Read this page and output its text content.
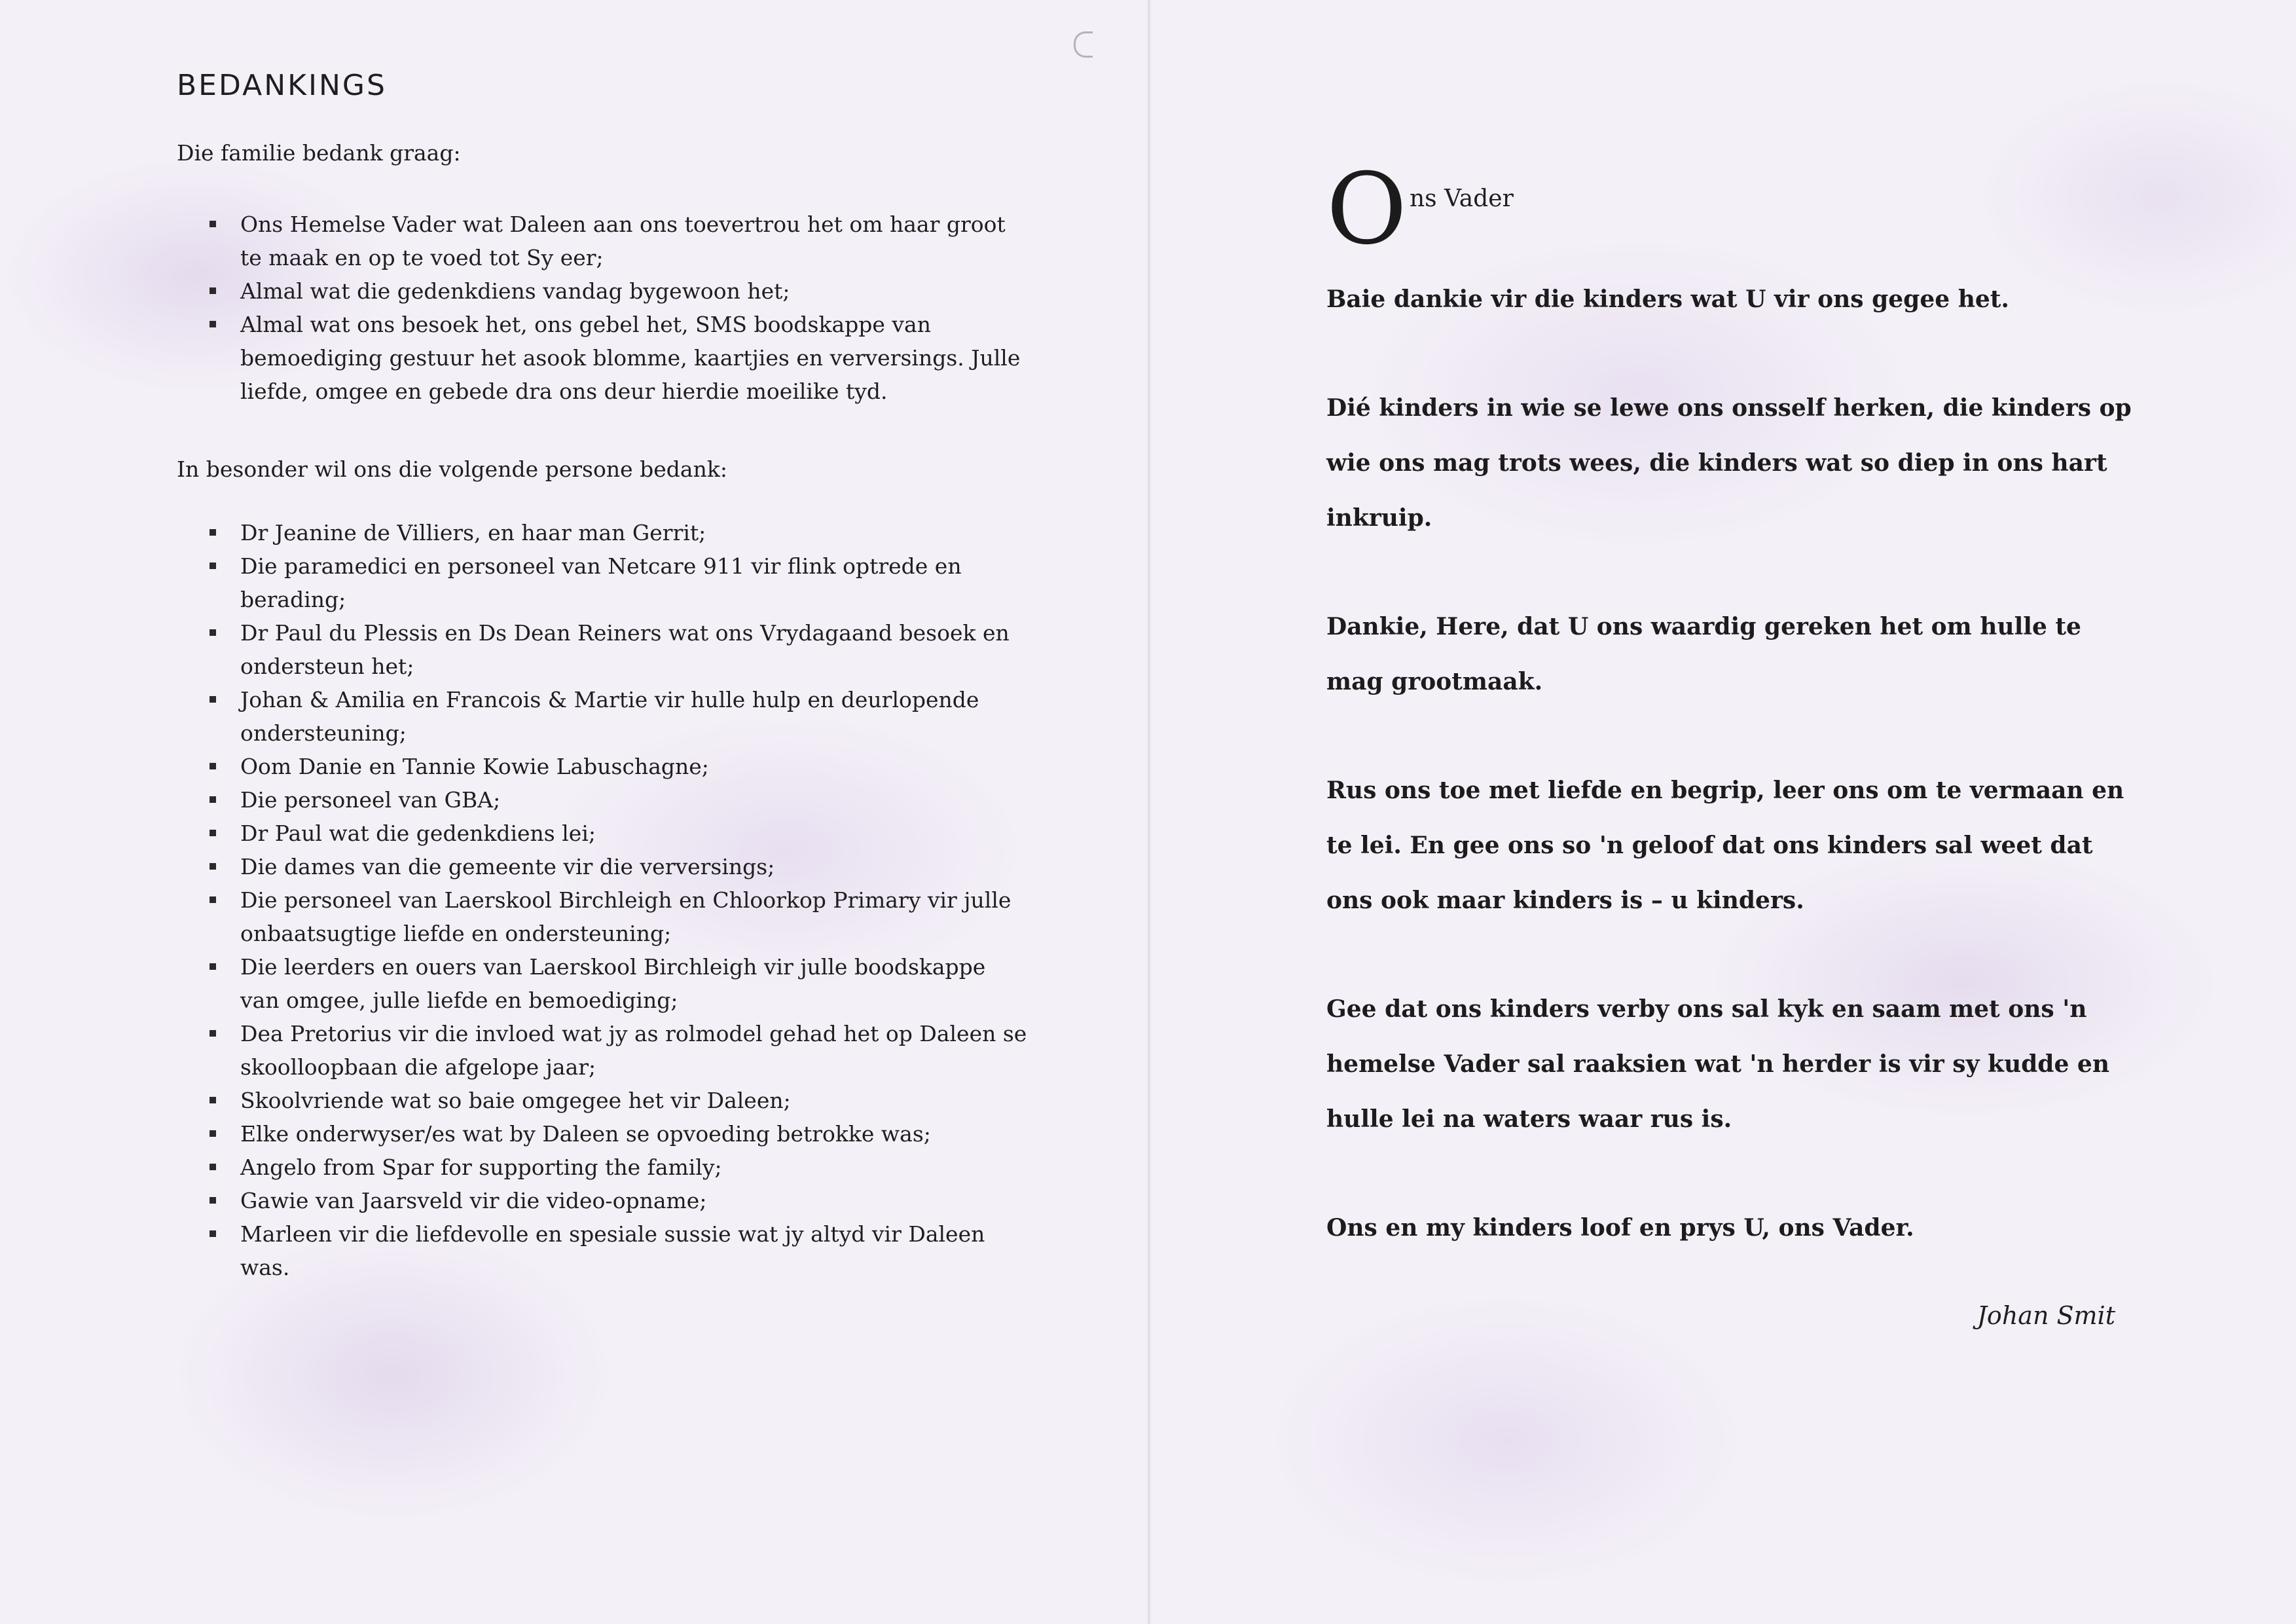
BEDANKINGS

Die familie bedank graag:

Ons Hemelse Vader wat Daleen aan ons toevertrou het om haar groot te maak en op te voed tot Sy eer;
Almal wat die gedenkdiens vandag bygewoon het;
Almal wat ons besoek het, ons gebel het, SMS boodskappe van bemoediging gestuur het asook blomme, kaartjies en verversings. Julle liefde, omgee en gebede dra ons deur hierdie moeilike tyd.

In besonder wil ons die volgende persone bedank:

Dr Jeanine de Villiers, en haar man Gerrit;
Die paramedici en personeel van Netcare 911 vir flink optrede en berading;
Dr Paul du Plessis en Ds Dean Reiners wat ons Vrydagaand besoek en ondersteun het;
Johan & Amilia en Francois & Martie vir hulle hulp en deurlopende ondersteuning;
Oom Danie en Tannie Kowie Labuschagne;
Die personeel van GBA;
Dr Paul wat die gedenkdiens lei;
Die dames van die gemeente vir die verversings;
Die personeel van Laerskool Birchleigh en Chloorkop Primary vir julle onbaatsugtige liefde en ondersteuning;
Die leerders en ouers van Laerskool Birchleigh vir julle boodskappe van omgee, julle liefde en bemoediging;
Dea Pretorius vir die invloed wat jy as rolmodel gehad het op Daleen se skoolloopbaan die afgelope jaar;
Skoolvriende wat so baie omgegee het vir Daleen;
Elke onderwyser/es wat by Daleen se opvoeding betrokke was;
Angelo from Spar for supporting the family;
Gawie van Jaarsveld vir die video-opname;
Marleen vir die liefdevolle en spesiale sussie wat jy altyd vir Daleen was.
O ns Vader

Baie dankie vir die kinders wat U vir ons gegee het.

Dié kinders in wie se lewe ons onsself herken, die kinders op wie ons mag trots wees, die kinders wat so diep in ons hart inkruip.

Dankie, Here, dat U ons waardig gereken het om hulle te mag grootmaak.

Rus ons toe met liefde en begrip, leer ons om te vermaan en te lei. En gee ons so 'n geloof dat ons kinders sal weet dat ons ook maar kinders is – u kinders.

Gee dat ons kinders verby ons sal kyk en saam met ons 'n hemelse Vader sal raaksien wat 'n herder is vir sy kudde en hulle lei na waters waar rus is.

Ons en my kinders loof en prys U, ons Vader.

Johan Smit
